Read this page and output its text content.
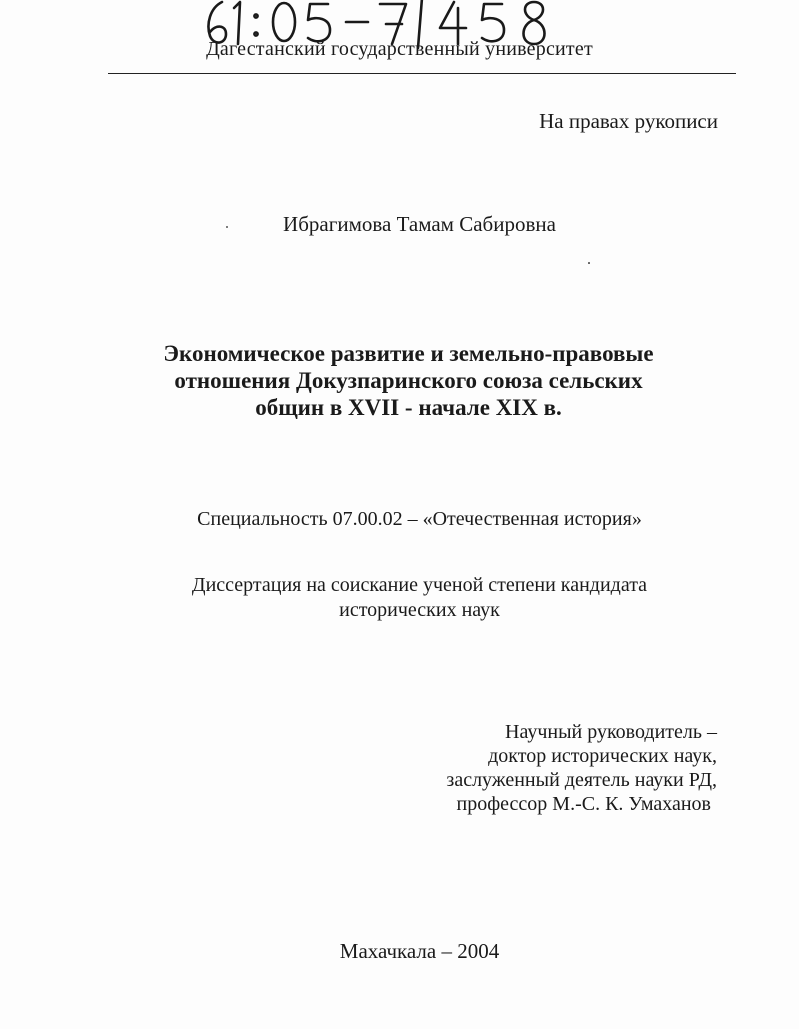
Дагестанский государственный университет
На правах рукописи
Ибрагимова Тамам Сабировна
Экономическое развитие и земельно-правовые
отношения Докузпаринского союза сельских
общин в XVII - начале XIX в.
Специальность 07.00.02 – «Отечественная история»
Диссертация на соискание ученой степени кандидата
исторических наук
Научный руководитель –
доктор исторических наук,
заслуженный деятель науки РД,
профессор М.-С. К. Умаханов
Махачкала – 2004
